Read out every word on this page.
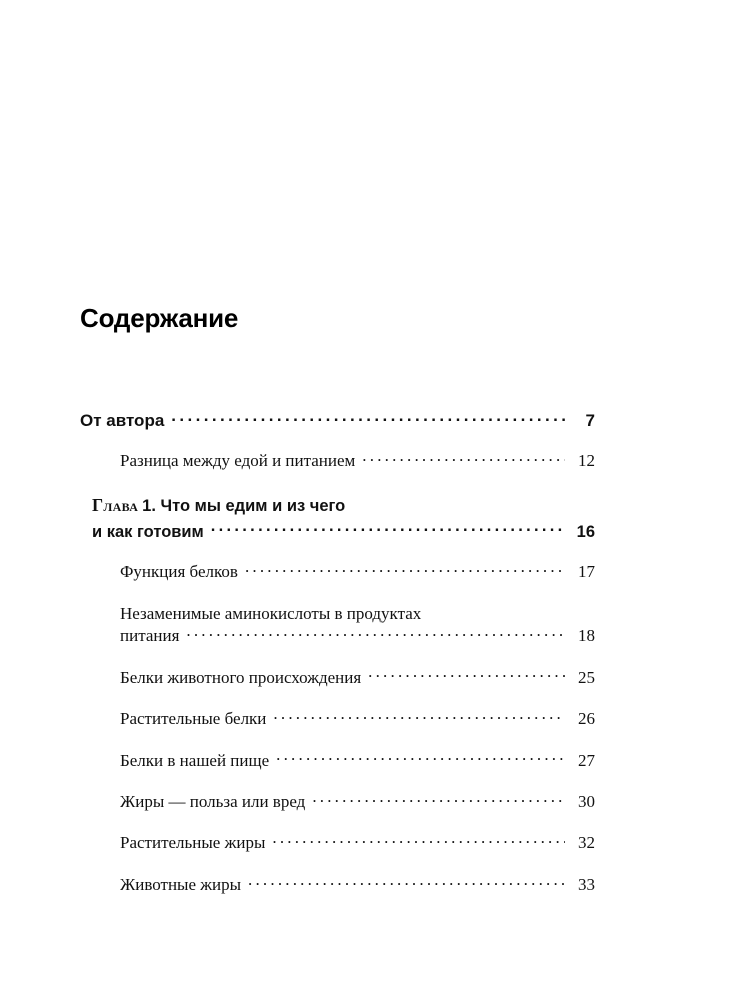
Содержание
От автора .....	7
Разница между едой и питанием .....	12
Глава 1. Что мы едим и из чего
и как готовим .....	16
Функция белков .....	17
Незаменимые аминокислоты в продуктах
питания .....	18
Белки животного происхождения .....	25
Растительные белки .....	26
Белки в нашей пище .....	27
Жиры — польза или вред .....	30
Растительные жиры .....	32
Животные жиры .....	33
